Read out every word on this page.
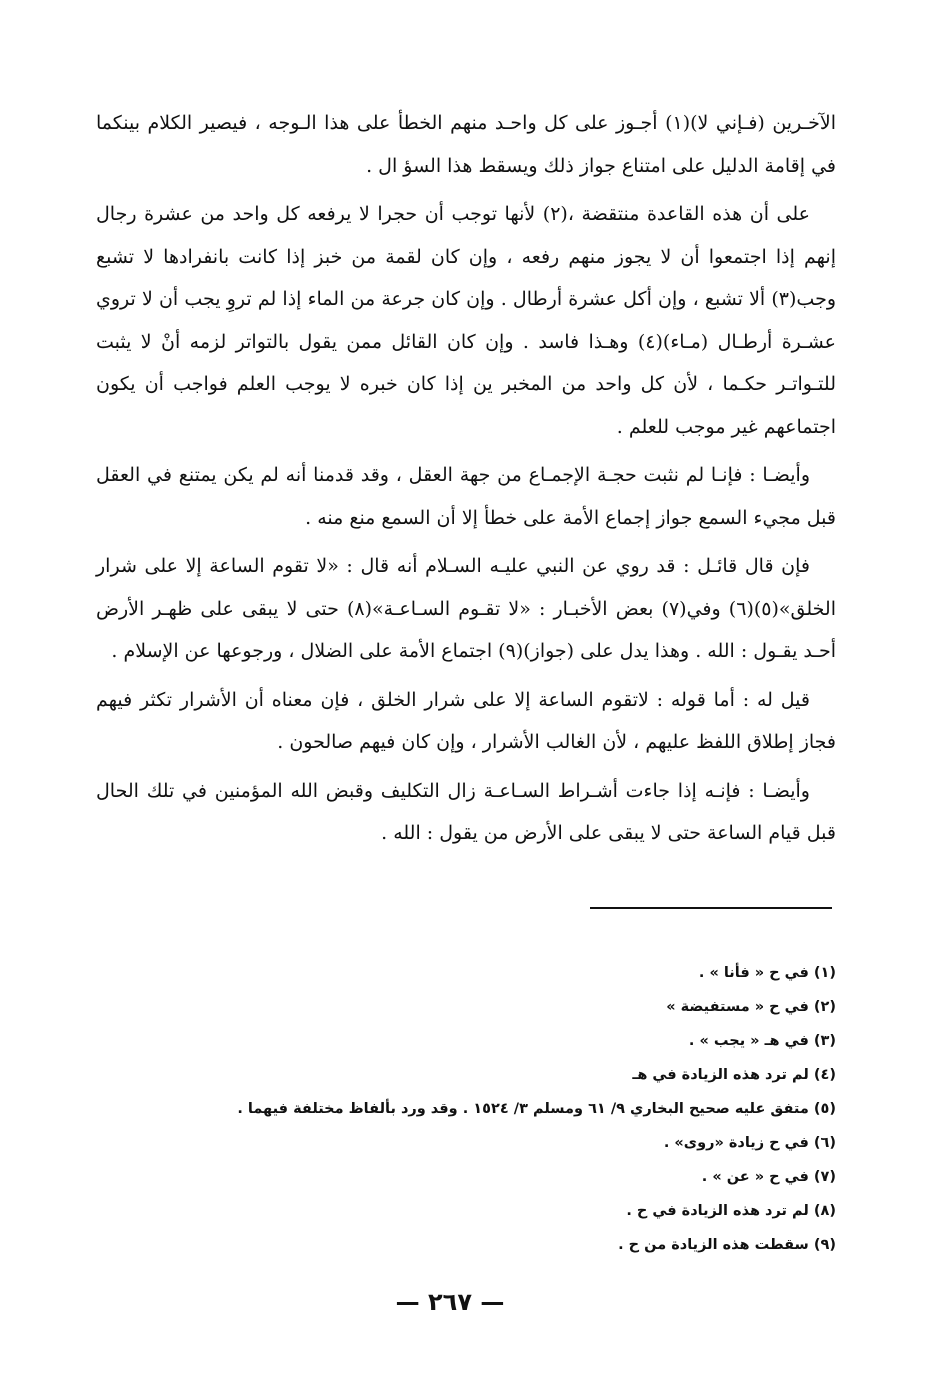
الآخـرين (فـإني لا)(١) أجـوز على كل واحـد منهم الخطأ على هذا الـوجه ، فيصير الكلام بينكما في إقامة الدليل على امتناع جواز ذلك ويسقط هذا السؤ ال .

على أن هذه القاعدة منتقضة ،(٢) لأنها توجب أن حجرا لا يرفعه كل واحد من عشرة رجال إنهم إذا اجتمعوا أن لا يجوز منهم رفعه ، وإن كان لقمة من خبز إذا كانت بانفرادها لا تشبع وجب(٣) ألا تشبع ، وإن أكل عشرة أرطال . وإن كان جرعة من الماء إذا لم تروِ يجب أن لا تروي عشـرة أرطـال (مـاء)(٤) وهـذا فاسد . وإن كان القائل ممن يقول بالتواتر لزمه أنْ لا يثبت للتـواتـر حكـما ، لأن كل واحد من المخبر ين إذا كان خبره لا يوجب العلم فواجب أن يكون اجتماعهم غير موجب للعلم .

وأيضـا : فإنـا لم نثبت حجـة الإجمـاع من جهة العقل ، وقد قدمنا أنه لم يكن يمتنع في العقل قبل مجيء السمع جواز إجماع الأمة على خطأ إلا أن السمع منع منه .

فإن قال قائـل : قد روي عن النبي عليـه السـلام أنه قال : «لا تقوم الساعة إلا على شرار الخلق»(٥)(٦) وفي(٧) بعض الأخبـار : «لا تقـوم السـاعـة»(٨) حتى لا يبقى على ظهـر الأرض أحـد يقـول : الله . وهذا يدل على (جواز)(٩) اجتماع الأمة على الضلال ، ورجوعها عن الإسلام .

قيل له : أما قوله : لاتقوم الساعة إلا على شرار الخلق ، فإن معناه أن الأشرار تكثر فيهم فجاز إطلاق اللفظ عليهم ، لأن الغالب الأشرار ، وإن كان فيهم صالحون .

وأيضـا : فإنـه إذا جاءت أشـراط السـاعـة زال التكليف وقبض الله المؤمنين في تلك الحال قبل قيام الساعة حتى لا يبقى على الأرض من يقول : الله .

(١) في ح « فأنا » .
(٢) في ح « مستفيضة »
(٣) في هـ « يجب » .
(٤) لم ترد هذه الزيادة في هـ
(٥) متفق عليه صحيح البخاري ٩/ ٦١ ومسلم ٣/ ١٥٢٤ . وقد ورد بألفاظ مختلفة فيهما .
(٦) في ح زيادة «روى» .
(٧) في ح « عن » .
(٨) لم ترد هذه الزيادة في ح .
(٩) سقطت هذه الزيادة من ح .
— ٢٦٧ —
